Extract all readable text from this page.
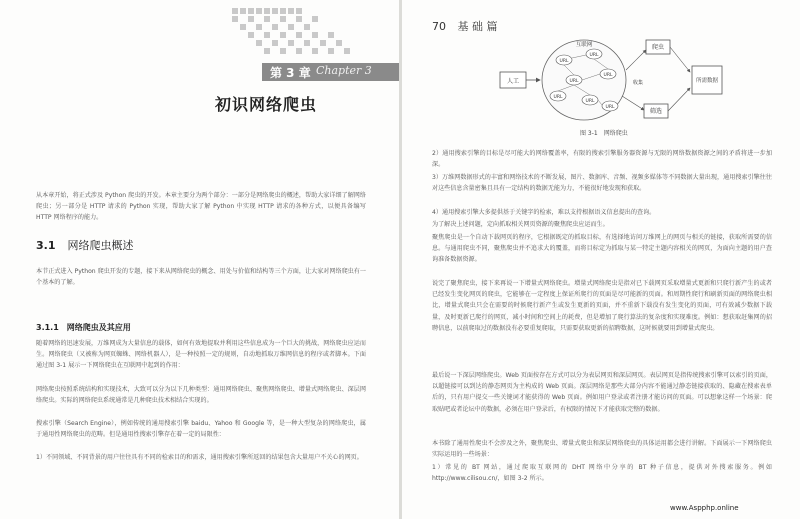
第 3 章 Chapter 3
初识网络爬虫
从本章开始，将正式涉及 Python 爬虫的开发。本章主要分为两个部分：一部分是网络爬虫的概述，帮助大家详细了解网络爬虫；另一部分是 HTTP 请求的 Python 实现，帮助大家了解 Python 中实现 HTTP 请求的各种方式，以便具备编写 HTTP 网络程序的能力。
3.1 网络爬虫概述
本节正式进入 Python 爬虫开发的专题，接下来从网络爬虫的概念、用处与价值和结构等三个方面，让大家对网络爬虫有一个基本的了解。
3.1.1 网络爬虫及其应用
随着网络的迅速发展，万维网成为大量信息的载体，如何有效地提取并利用这些信息成为一个巨大的挑战，网络爬虫应运而生。网络爬虫（又被称为网页蜘蛛、网络机器人），是一种按照一定的规则，自动地抓取万维网信息的程序或者脚本。下面通过图 3-1 展示一下网络爬虫在互联网中起到的作用：
网络爬虫按照系统结构和实现技术，大致可以分为以下几种类型：通用网络爬虫、聚焦网络爬虫、增量式网络爬虫、深层网络爬虫。实际的网络爬虫系统通常是几种爬虫技术相结合实现的。
搜索引擎（Search Engine），例如传统的通用搜索引擎 baidu、Yahoo 和 Google 等，是一种大型复杂的网络爬虫，属于通用性网络爬虫的范畴。但是通用性搜索引擎存在着一定的局限性：
1）不同领域、不同背景的用户往往具有不同的检索目的和需求，通用搜索引擎所返回的结果包含大量用户不关心的网页。
70 基 础 篇
人工
互联网
URL
URL
URL
URL
URL
URL
URL
爬虫
收集
筛选
所需数据
图 3-1　网络爬虫
2）通用搜索引擎的目标是尽可能大的网络覆盖率，有限的搜索引擎服务器资源与无限的网络数据资源之间的矛盾将进一步加深。
3）万维网数据形式的丰富和网络技术的不断发展，图片、数据库、音频、视频多媒体等不同数据大量出现，通用搜索引擎往往对这些信息含量密集且具有一定结构的数据无能为力，不能很好地发现和获取。
4）通用搜索引擎大多提供基于关键字的检索，难以支持根据语义信息提出的查询。
为了解决上述问题，定向抓取相关网页资源的聚焦爬虫应运而生。
聚焦爬虫是一个自动下载网页的程序，它根据既定的抓取目标，有选择地访问万维网上的网页与相关的链接，获取所需要的信息。与通用爬虫不同，聚焦爬虫并不追求大的覆盖，而将目标定为抓取与某一特定主题内容相关的网页，为面向主题的用户查询准备数据资源。
说完了聚焦爬虫，接下来再说一下增量式网络爬虫。增量式网络爬虫是指对已下载网页采取增量式更新和只爬行新产生的或者已经发生变化网页的爬虫，它能够在一定程度上保证所爬行的页面是尽可能新的页面。和周期性爬行和刷新页面的网络爬虫相比，增量式爬虫只会在需要的时候爬行新产生或发生更新的页面，并不重新下载没有发生变化的页面，可有效减少数据下载量，及时更新已爬行的网页，减小时间和空间上的耗费，但是增加了爬行算法的复杂度和实现难度。例如：想获取赶集网的招聘信息，以前爬取过的数据没有必要重复爬取，只需要获取更新的招聘数据，这时候就要用到增量式爬虫。
最后说一下深层网络爬虫。Web 页面按存在方式可以分为表层网页和深层网页。表层网页是指传统搜索引擎可以索引的页面，以超链接可以到达的静态网页为主构成的 Web 页面。深层网络是那些大部分内容不能通过静态链接获取的、隐藏在搜索表单后的，只有用户提交一些关键词才能获得的 Web 页面。例如用户登录或者注册才能访问的页面。可以想象这样一个场景：爬取贴吧或者论坛中的数据，必须在用户登录后，有权限的情况下才能获取完整的数据。
本书除了通用性爬虫不会涉及之外，聚焦爬虫、增量式爬虫和深层网络爬虫的具体运用都会进行讲解。下面展示一下网络爬虫实际运用的一些场景：
1）常见的 BT 网站，通过爬取互联网的 DHT 网络中分享的 BT 种子信息，提供对外搜索服务。例如 http://www.cilisou.cn/，如图 3-2 所示。
www.Aspphp.online
